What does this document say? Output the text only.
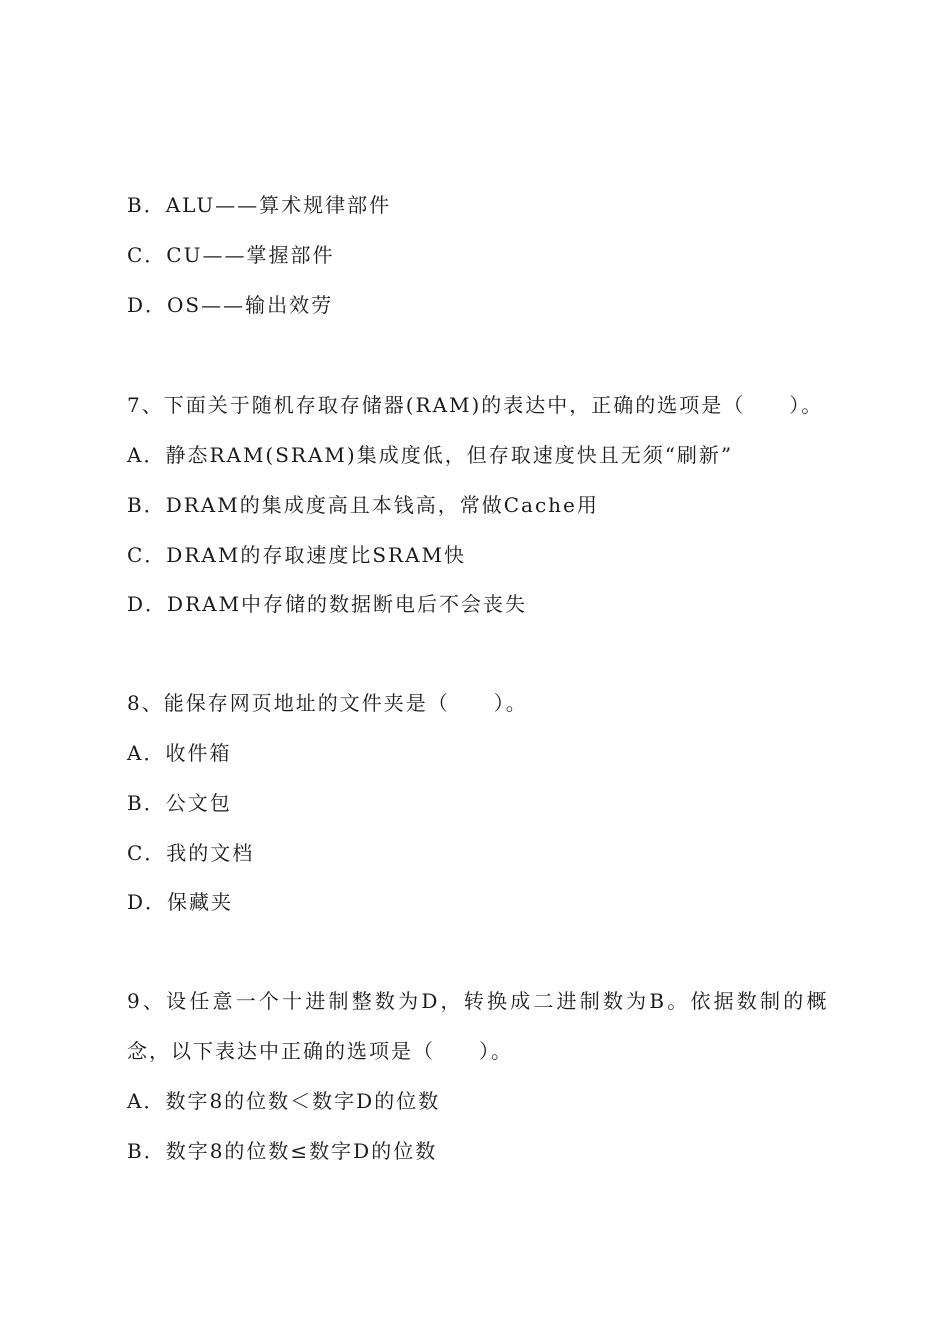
B．ALU——算术规律部件
C．CU——掌握部件
D．OS——输出效劳
7、下面关于随机存取存储器(RAM)的表达中，正确的选项是（　　）。
A．静态RAM(SRAM)集成度低，但存取速度快且无须“刷新”
B．DRAM的集成度高且本钱高，常做Cache用
C．DRAM的存取速度比SRAM快
D．DRAM中存储的数据断电后不会丧失
8、能保存网页地址的文件夹是（　　）。
A．收件箱
B．公文包
C．我的文档
D．保藏夹
9、设任意一个十进制整数为D，转换成二进制数为B。依据数制的概
念，以下表达中正确的选项是（　　）。
A．数字8的位数＜数字D的位数
B．数字8的位数≤数字D的位数
